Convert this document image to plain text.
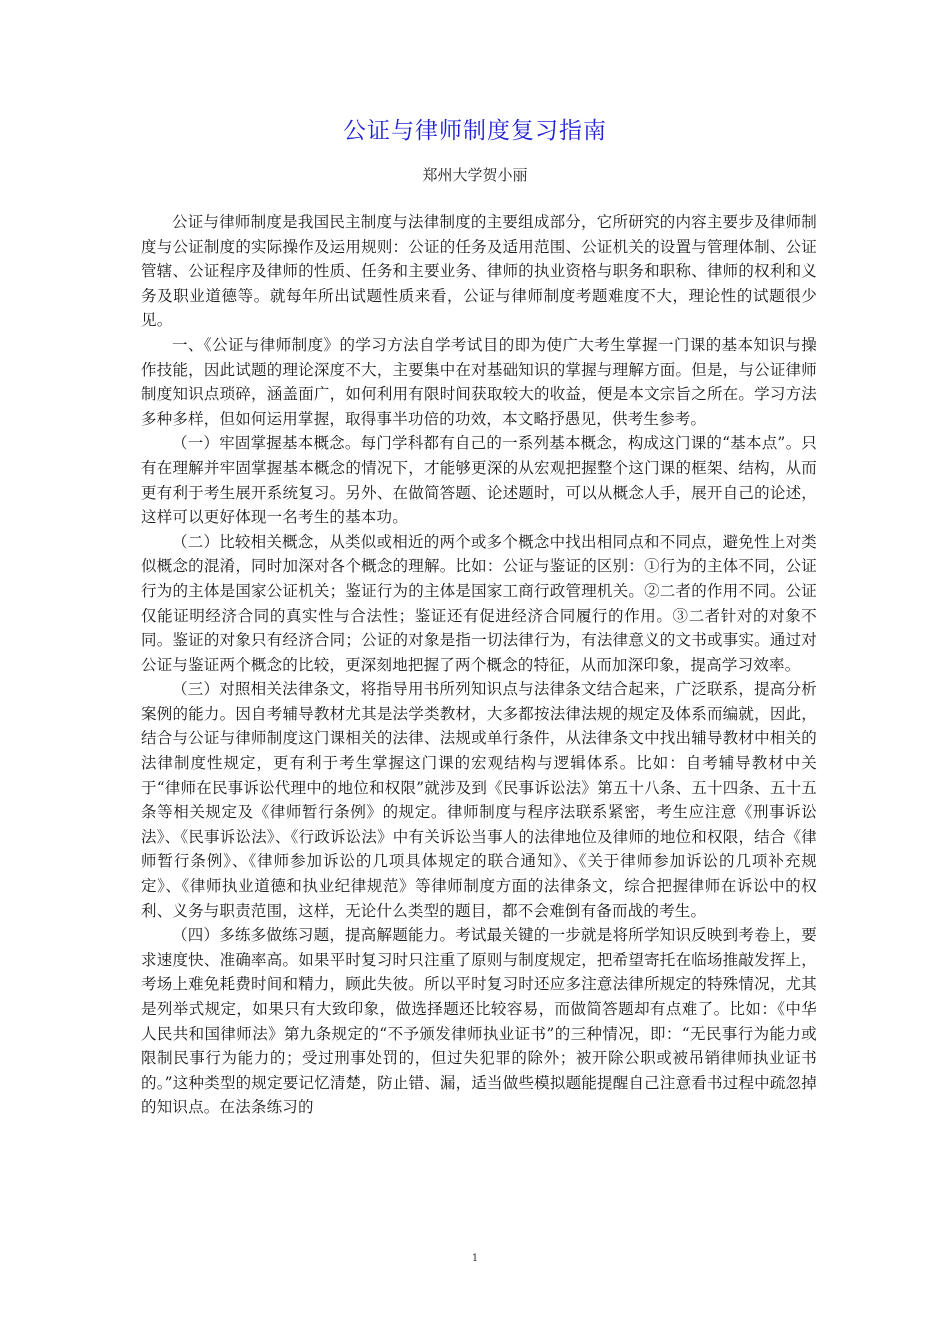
公证与律师制度复习指南
郑州大学贺小丽

公证与律师制度是我国民主制度与法律制度的主要组成部分，它所研究的内容主要步及律师制度与公证制度的实际操作及运用规则：公证的任务及适用范围、公证机关的设置与管理体制、公证管辖、公证程序及律师的性质、任务和主要业务、律师的执业资格与职务和职称、律师的权利和义务及职业道德等。就每年所出试题性质来看，公证与律师制度考题难度不大，理论性的试题很少见。

一、《公证与律师制度》的学习方法自学考试目的即为使广大考生掌握一门课的基本知识与操作技能，因此试题的理论深度不大，主要集中在对基础知识的掌握与理解方面。但是，与公证律师制度知识点琐碎，涵盖面广，如何利用有限时间获取较大的收益，便是本文宗旨之所在。学习方法多种多样，但如何运用掌握，取得事半功倍的功效，本文略抒愚见，供考生参考。

（一）牢固掌握基本概念。每门学科都有自己的一系列基本概念，构成这门课的“基本点”。只有在理解并牢固掌握基本概念的情况下，才能够更深的从宏观把握整个这门课的框架、结构，从而更有利于考生展开系统复习。另外、在做简答题、论述题时，可以从概念人手，展开自己的论述，这样可以更好体现一名考生的基本功。

（二）比较相关概念，从类似或相近的两个或多个概念中找出相同点和不同点，避免性上对类似概念的混淆，同时加深对各个概念的理解。比如：公证与鉴证的区别：①行为的主体不同，公证行为的主体是国家公证机关；鉴证行为的主体是国家工商行政管理机关。②二者的作用不同。公证仅能证明经济合同的真实性与合法性；鉴证还有促进经济合同履行的作用。③二者针对的对象不同。鉴证的对象只有经济合同；公证的对象是指一切法律行为，有法律意义的文书或事实。通过对公证与鉴证两个概念的比较，更深刻地把握了两个概念的特征，从而加深印象，提高学习效率。

（三）对照相关法律条文，将指导用书所列知识点与法律条文结合起来，广泛联系，提高分析案例的能力。因自考辅导教材尤其是法学类教材，大多都按法律法规的规定及体系而编就，因此，结合与公证与律师制度这门课相关的法律、法规或单行条件，从法律条文中找出辅导教材中相关的法律制度性规定，更有利于考生掌握这门课的宏观结构与逻辑体系。比如：自考辅导教材中关于“律师在民事诉讼代理中的地位和权限”就涉及到《民事诉讼法》第五十八条、五十四条、五十五条等相关规定及《律师暂行条例》的规定。律师制度与程序法联系紧密，考生应注意《刑事诉讼法》、《民事诉讼法》、《行政诉讼法》中有关诉讼当事人的法律地位及律师的地位和权限，结合《律师暂行条例》、《律师参加诉讼的几项具体规定的联合通知》、《关于律师参加诉讼的几项补充规定》、《律师执业道德和执业纪律规范》等律师制度方面的法律条文，综合把握律师在诉讼中的权利、义务与职责范围，这样，无论什么类型的题目，都不会难倒有备而战的考生。

（四）多练多做练习题，提高解题能力。考试最关键的一步就是将所学知识反映到考卷上，要求速度快、准确率高。如果平时复习时只注重了原则与制度规定，把希望寄托在临场推敲发挥上，考场上难免耗费时间和精力，顾此失彼。所以平时复习时还应多注意法律所规定的特殊情况，尤其是列举式规定，如果只有大致印象，做选择题还比较容易，而做简答题却有点难了。比如：《中华人民共和国律师法》第九条规定的“不予颁发律师执业证书”的三种情况，即：“无民事行为能力或限制民事行为能力的；受过刑事处罚的，但过失犯罪的除外；被开除公职或被吊销律师执业证书的。”这种类型的规定要记忆清楚，防止错、漏，适当做些模拟题能提醒自己注意看书过程中疏忽掉的知识点。在法条练习的

1
